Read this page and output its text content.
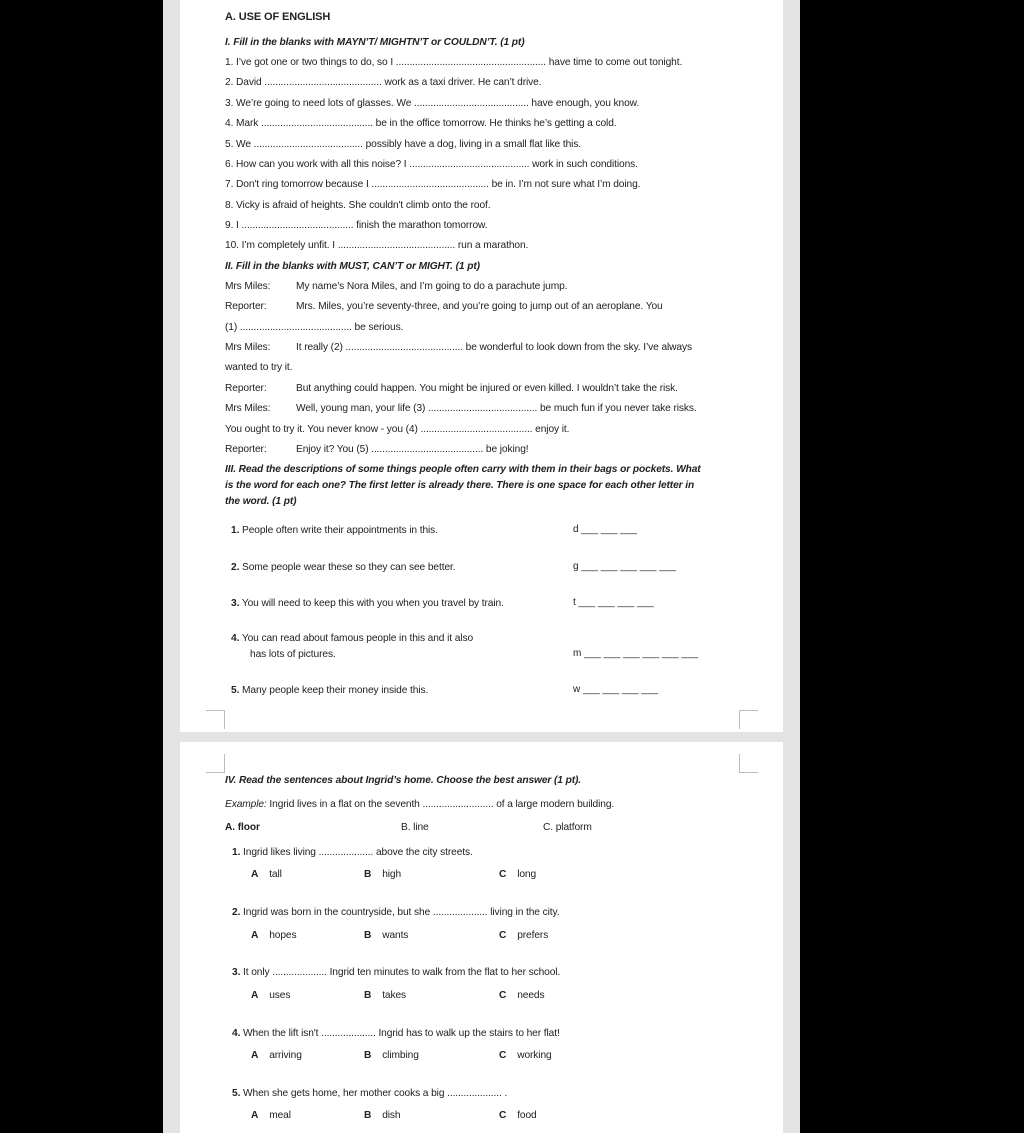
A. USE OF ENGLISH
I. Fill in the blanks with MAYN’T/ MIGHTN’T or COULDN’T. (1 pt)
1. I’ve got one or two things to do, so I ....................................................... have time to come out tonight.
2. David ........................................... work as a taxi driver. He can’t drive.
3. We’re going to need lots of glasses. We .......................................... have enough, you know.
4. Mark ......................................... be in the office tomorrow. He thinks he’s getting a cold.
5. We ........................................ possibly have a dog, living in a small flat like this.
6. How can you work with all this noise? I ............................................ work in such conditions.
7. Don't ring tomorrow because I ........................................... be in. I’m not sure what I’m doing.
8. Vicky is afraid of heights. She couldn't climb onto the roof.
9. I ......................................... finish the marathon tomorrow.
10. I’m completely unfit. I ........................................... run a marathon.
II. Fill in the blanks with MUST, CAN’T or MIGHT. (1 pt)
Mrs Miles:	My name’s Nora Miles, and I’m going to do a parachute jump.
Reporter:	Mrs. Miles, you’re seventy-three, and you’re going to jump out of an aeroplane. You
(1) ......................................... be serious.
Mrs Miles:	It really (2) ........................................... be wonderful to look down from the sky. I’ve always
wanted to try it.
Reporter:	But anything could happen. You might be injured or even killed. I wouldn’t take the risk.
Mrs Miles:	Well, young man, your life (3) ........................................ be much fun if you never take risks.
You ought to try it. You never know - you (4) ......................................... enjoy it.
Reporter:	Enjoy it? You (5) ......................................... be joking!
III. Read the descriptions of some things people often carry with them in their bags or pockets. What
is the word for each one? The first letter is already there. There is one space for each other letter in
the word. (1 pt)
1. People often write their appointments in this.	d ___ ___ ___
2. Some people wear these so they can see better.	g ___ ___ ___ ___ ___
3. You will need to keep this with you when you travel by train.	t ___ ___ ___ ___
4. You can read about famous people in this and it also
has lots of pictures.	m ___ ___ ___ ___ ___ ___
5. Many people keep their money inside this.	w ___ ___ ___ ___
IV. Read the sentences about Ingrid’s home. Choose the best answer (1 pt).
Example: Ingrid lives in a flat on the seventh .......................... of a large modern building.
A. floor	B. line	C. platform
1. Ingrid likes living .................... above the city streets.
A tall	B high	C long
2. Ingrid was born in the countryside, but she .................... living in the city.
A hopes	B wants	C prefers
3. It only .................... Ingrid ten minutes to walk from the flat to her school.
A uses	B takes	C needs
4. When the lift isn't .................... Ingrid has to walk up the stairs to her flat!
A arriving	B climbing	C working
5. When she gets home, her mother cooks a big .................... .
A meal	B dish	C food
